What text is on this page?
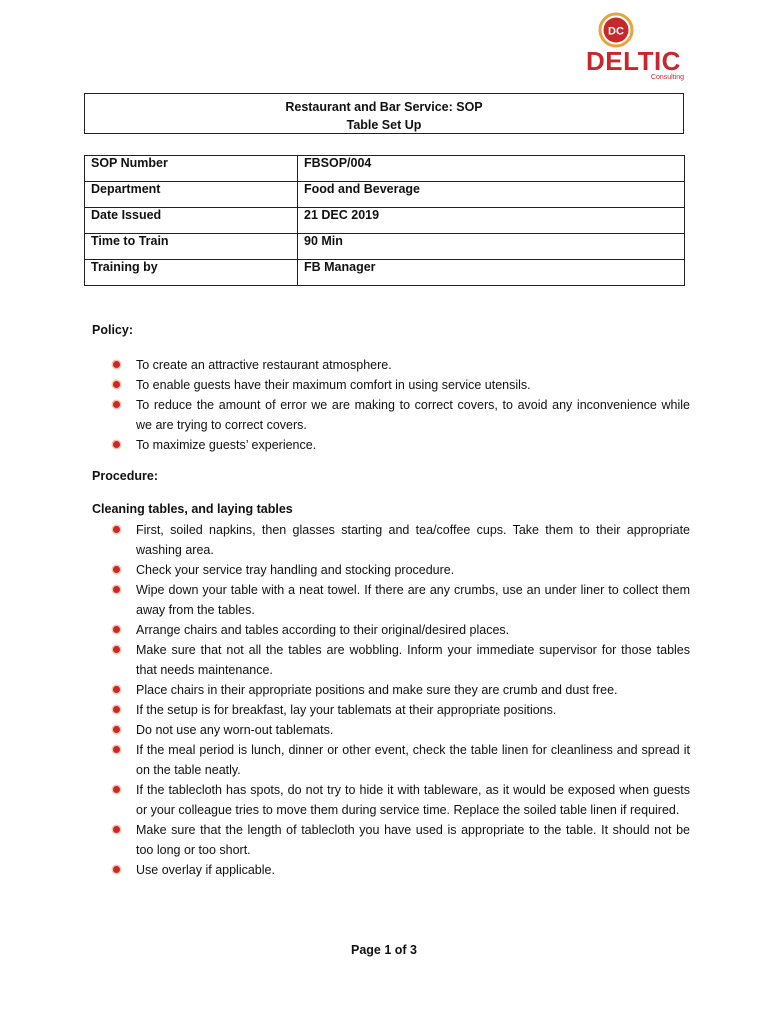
DC
DELTIC
Consulting
Restaurant and Bar Service: SOP
Table Set Up
SOP Number	FBSOP/004
Department	Food and Beverage
Date Issued	21 DEC 2019
Time to Train	90 Min
Training by	FB Manager
Policy:
To create an attractive restaurant atmosphere.
To enable guests have their maximum comfort in using service utensils.
To reduce the amount of error we are making to correct covers, to avoid any inconvenience while we are trying to correct covers.
To maximize guests’ experience.
Procedure:
Cleaning tables, and laying tables
First, soiled napkins, then glasses starting and tea/coffee cups. Take them to their appropriate washing area.
Check your service tray handling and stocking procedure.
Wipe down your table with a neat towel. If there are any crumbs, use an under liner to collect them away from the tables.
Arrange chairs and tables according to their original/desired places.
Make sure that not all the tables are wobbling. Inform your immediate supervisor for those tables that needs maintenance.
Place chairs in their appropriate positions and make sure they are crumb and dust free.
If the setup is for breakfast, lay your tablemats at their appropriate positions.
Do not use any worn-out tablemats.
If the meal period is lunch, dinner or other event, check the table linen for cleanliness and spread it on the table neatly.
If the tablecloth has spots, do not try to hide it with tableware, as it would be exposed when guests or your colleague tries to move them during service time. Replace the soiled table linen if required.
Make sure that the length of tablecloth you have used is appropriate to the table. It should not be too long or too short.
Use overlay if applicable.
Page 1 of 3
